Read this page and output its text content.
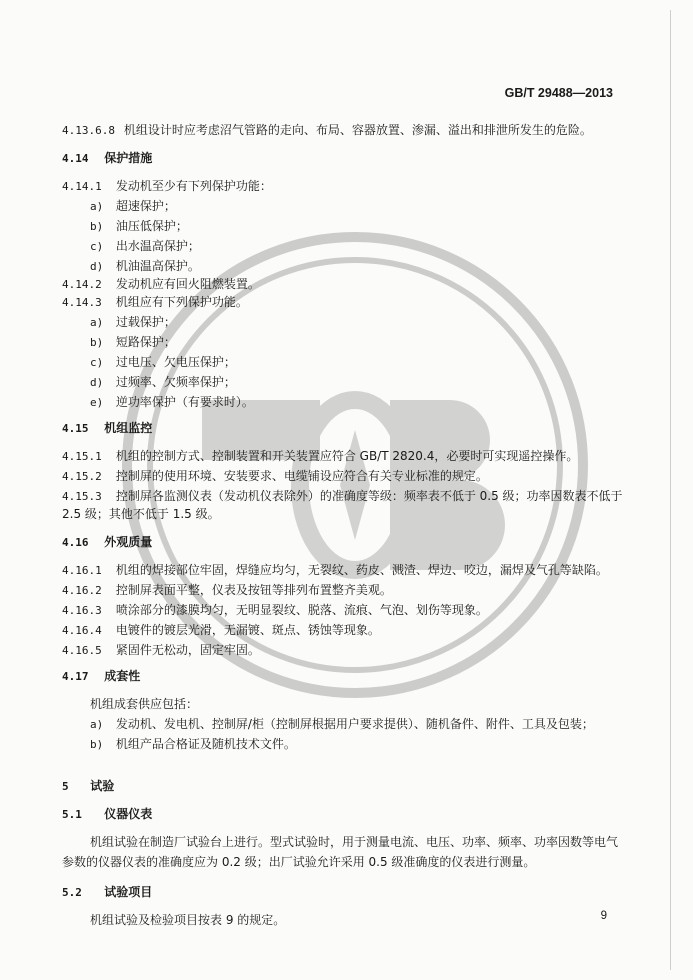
GB/T 29488—2013
4.13.6.8 机组设计时应考虑沼气管路的走向、布局、容器放置、渗漏、溢出和排泄所发生的危险。
4.14 保护措施
4.14.1 发动机至少有下列保护功能：
a) 超速保护；
b) 油压低保护；
c) 出水温高保护；
d) 机油温高保护。
4.14.2 发动机应有回火阻燃装置。
4.14.3 机组应有下列保护功能。
a) 过载保护；
b) 短路保护；
c) 过电压、欠电压保护；
d) 过频率、欠频率保护；
e) 逆功率保护（有要求时）。
4.15 机组监控
4.15.1 机组的控制方式、控制装置和开关装置应符合 GB/T 2820.4，必要时可实现遥控操作。
4.15.2 控制屏的使用环境、安装要求、电缆铺设应符合有关专业标准的规定。
4.15.3 控制屏各监测仪表（发动机仪表除外）的准确度等级：频率表不低于 0.5 级；功率因数表不低于
2.5 级；其他不低于 1.5 级。
4.16 外观质量
4.16.1 机组的焊接部位牢固，焊缝应均匀，无裂纹、药皮、溅渣、焊边、咬边，漏焊及气孔等缺陷。
4.16.2 控制屏表面平整，仪表及按钮等排列布置整齐美观。
4.16.3 喷涂部分的漆膜均匀，无明显裂纹、脱落、流痕、气泡、划伤等现象。
4.16.4 电镀件的镀层光滑，无漏镀、斑点、锈蚀等现象。
4.16.5 紧固件无松动，固定牢固。
4.17 成套性
机组成套供应包括：
a) 发动机、发电机、控制屏/柜（控制屏根据用户要求提供）、随机备件、附件、工具及包装；
b) 机组产品合格证及随机技术文件。
5 试验
5.1 仪器仪表
机组试验在制造厂试验台上进行。型式试验时，用于测量电流、电压、功率、频率、功率因数等电气
参数的仪器仪表的准确度应为 0.2 级；出厂试验允许采用 0.5 级准确度的仪表进行测量。
5.2 试验项目
机组试验及检验项目按表 9 的规定。	9
